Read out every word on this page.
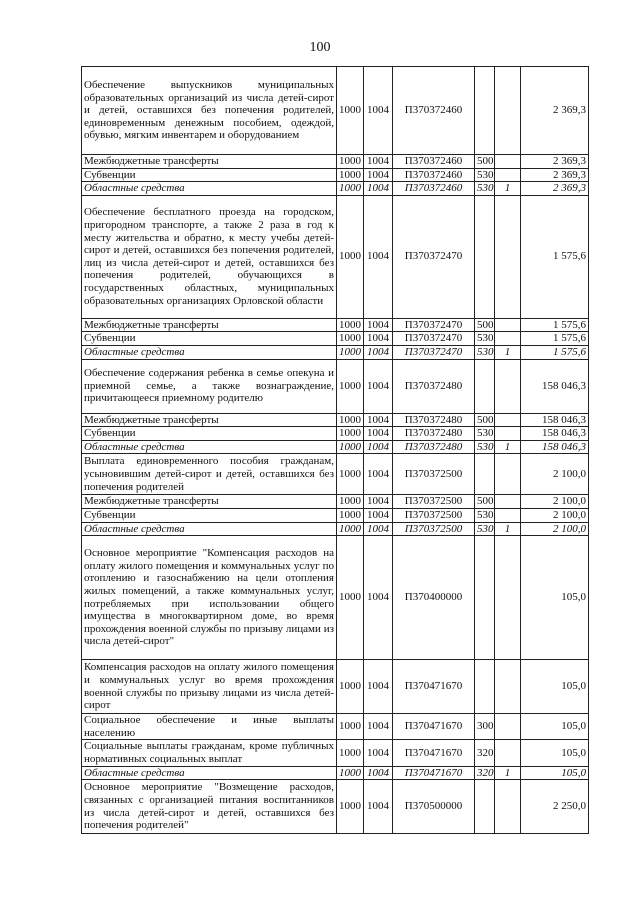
100
Обеспечение выпускников муниципальных образовательных организаций из числа детей-сирот и детей, оставшихся без попечения родителей, единовременным денежным пособием, одеждой, обувью, мягким инвентарем и оборудованием	1000	1004	П370372460			2 369,3
Межбюджетные трансферты	1000	1004	П370372460	500		2 369,3
Субвенции	1000	1004	П370372460	530		2 369,3
Областные средства	1000	1004	П370372460	530	1	2 369,3
Обеспечение бесплатного проезда на городском, пригородном транспорте, а также 2 раза в год к месту жительства и обратно, к месту учебы детей-сирот и детей, оставшихся без попечения родителей, лиц из числа детей-сирот и детей, оставшихся без попечения родителей, обучающихся в государственных областных, муниципальных образовательных организациях Орловской области	1000	1004	П370372470			1 575,6
Межбюджетные трансферты	1000	1004	П370372470	500		1 575,6
Субвенции	1000	1004	П370372470	530		1 575,6
Областные средства	1000	1004	П370372470	530	1	1 575,6
Обеспечение содержания ребенка в семье опекуна и приемной семье, а также вознаграждение, причитающееся приемному родителю	1000	1004	П370372480			158 046,3
Межбюджетные трансферты	1000	1004	П370372480	500		158 046,3
Субвенции	1000	1004	П370372480	530		158 046,3
Областные средства	1000	1004	П370372480	530	1	158 046,3
Выплата единовременного пособия гражданам, усыновившим детей-сирот и детей, оставшихся без попечения родителей	1000	1004	П370372500			2 100,0
Межбюджетные трансферты	1000	1004	П370372500	500		2 100,0
Субвенции	1000	1004	П370372500	530		2 100,0
Областные средства	1000	1004	П370372500	530	1	2 100,0
Основное мероприятие "Компенсация расходов на оплату жилого помещения и коммунальных услуг по отоплению и газоснабжению на цели отопления жилых помещений, а также коммунальных услуг, потребляемых при использовании общего имущества в многоквартирном доме, во время прохождения военной службы по призыву лицами из числа детей-сирот"	1000	1004	П370400000			105,0
Компенсация расходов на оплату жилого помещения и коммунальных услуг во время прохождения военной службы по призыву лицами из числа детей-сирот	1000	1004	П370471670			105,0
Социальное обеспечение и иные выплаты населению	1000	1004	П370471670	300		105,0
Социальные выплаты гражданам, кроме публичных нормативных социальных выплат	1000	1004	П370471670	320		105,0
Областные средства	1000	1004	П370471670	320	1	105,0
Основное мероприятие "Возмещение расходов, связанных с организацией питания воспитанников из числа детей-сирот и детей, оставшихся без попечения родителей"	1000	1004	П370500000			2 250,0
